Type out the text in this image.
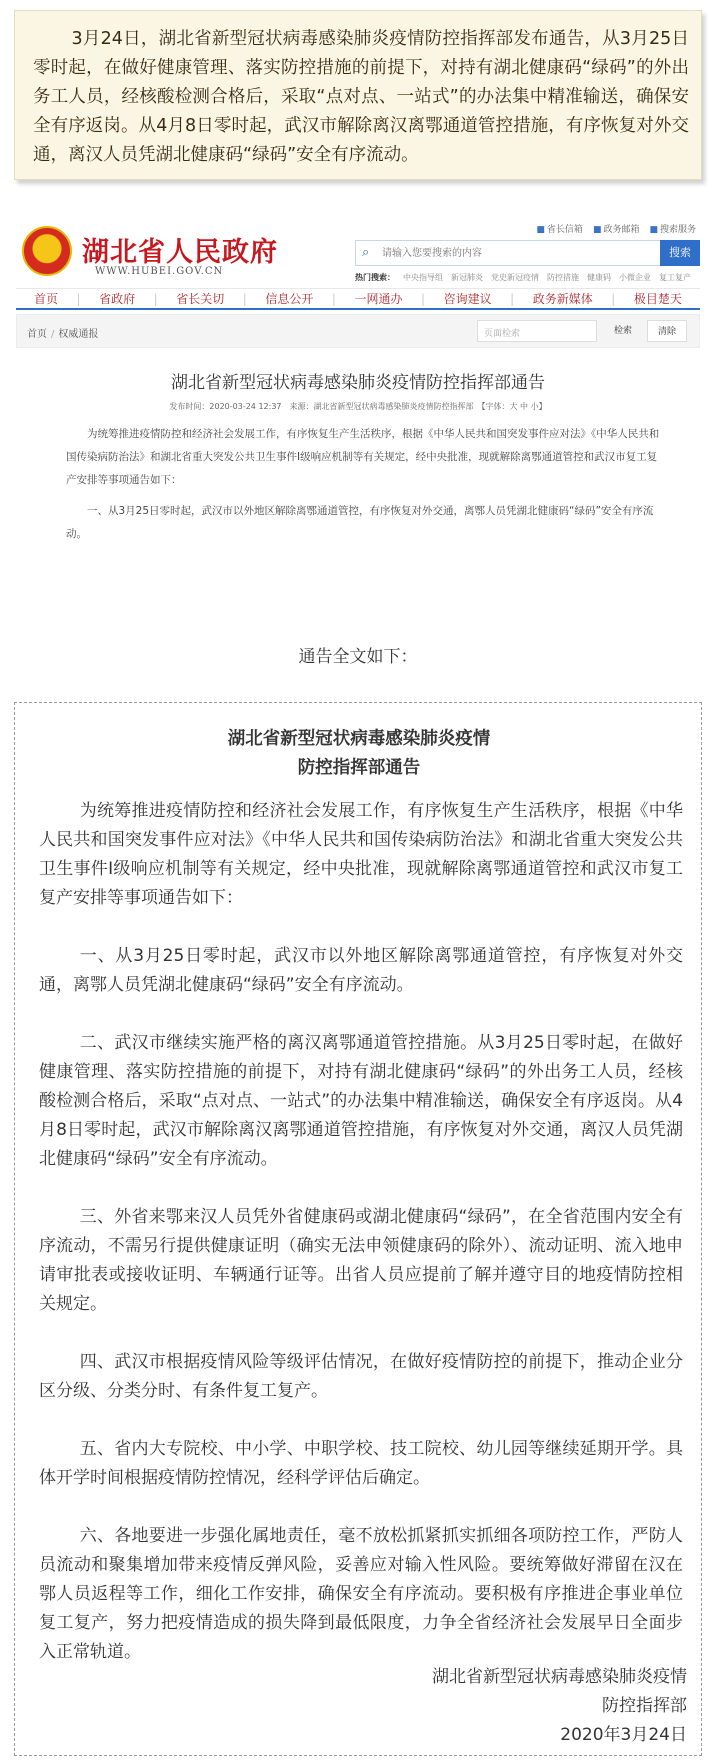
3月24日，湖北省新型冠状病毒感染肺炎疫情防控指挥部发布通告，从3月25日零时起，在做好健康管理、落实防控措施的前提下，对持有湖北健康码“绿码”的外出务工人员，经核酸检测合格后，采取“点对点、一站式”的办法集中精准输送，确保安全有序返岗。从4月8日零时起，武汉市解除离汉离鄂通道管控措施，有序恢复对外交通，离汉人员凭湖北健康码“绿码”安全有序流动。

★ 湖北省人民政府
WWW.HUBEI.GOV.CN
■ 省长信箱 ■ 政务邮箱 ■ 搜索服务
⌕
请输入您要搜索的内容	搜索
热门搜索： 中央指导组 新冠肺炎 党史新冠疫情 防控措施 健康码 小微企业 复工复产
首页 | 省政府 | 省长关切 | 信息公开 | 一网通办 | 咨询建议 | 政务新媒体 | 极目楚天
首页 / 权威通报	页面检索	检索	清除
湖北省新型冠状病毒感染肺炎疫情防控指挥部通告
发布时间：2020-03-24 12:37　来源：湖北省新型冠状病毒感染肺炎疫情防控指挥部　【字体：大 中 小】

为统筹推进疫情防控和经济社会发展工作，有序恢复生产生活秩序，根据《中华人民共和国突发事件应对法》《中华人民共和国传染病防治法》和湖北省重大突发公共卫生事件I级响应机制等有关规定，经中央批准，现就解除离鄂通道管控和武汉市复工复产安排等事项通告如下：

一、从3月25日零时起，武汉市以外地区解除离鄂通道管控，有序恢复对外交通，离鄂人员凭湖北健康码“绿码”安全有序流动。

通告全文如下：
湖北省新型冠状病毒感染肺炎疫情
防控指挥部通告

为统筹推进疫情防控和经济社会发展工作，有序恢复生产生活秩序，根据《中华人民共和国突发事件应对法》《中华人民共和国传染病防治法》和湖北省重大突发公共卫生事件I级响应机制等有关规定，经中央批准，现就解除离鄂通道管控和武汉市复工复产安排等事项通告如下：

一、从3月25日零时起，武汉市以外地区解除离鄂通道管控，有序恢复对外交通，离鄂人员凭湖北健康码“绿码”安全有序流动。

二、武汉市继续实施严格的离汉离鄂通道管控措施。从3月25日零时起，在做好健康管理、落实防控措施的前提下，对持有湖北健康码“绿码”的外出务工人员，经核酸检测合格后，采取“点对点、一站式”的办法集中精准输送，确保安全有序返岗。从4月8日零时起，武汉市解除离汉离鄂通道管控措施，有序恢复对外交通，离汉人员凭湖北健康码“绿码”安全有序流动。

三、外省来鄂来汉人员凭外省健康码或湖北健康码“绿码”，在全省范围内安全有序流动，不需另行提供健康证明（确实无法申领健康码的除外）、流动证明、流入地申请审批表或接收证明、车辆通行证等。出省人员应提前了解并遵守目的地疫情防控相关规定。

四、武汉市根据疫情风险等级评估情况，在做好疫情防控的前提下，推动企业分区分级、分类分时、有条件复工复产。

五、省内大专院校、中小学、中职学校、技工院校、幼儿园等继续延期开学。具体开学时间根据疫情防控情况，经科学评估后确定。

六、各地要进一步强化属地责任，毫不放松抓紧抓实抓细各项防控工作，严防人员流动和聚集增加带来疫情反弹风险，妥善应对输入性风险。要统筹做好滞留在汉在鄂人员返程等工作，细化工作安排，确保安全有序流动。要积极有序推进企事业单位复工复产，努力把疫情造成的损失降到最低限度，力争全省经济社会发展早日全面步入正常轨道。

湖北省新型冠状病毒感染肺炎疫情
防控指挥部
2020年3月24日
